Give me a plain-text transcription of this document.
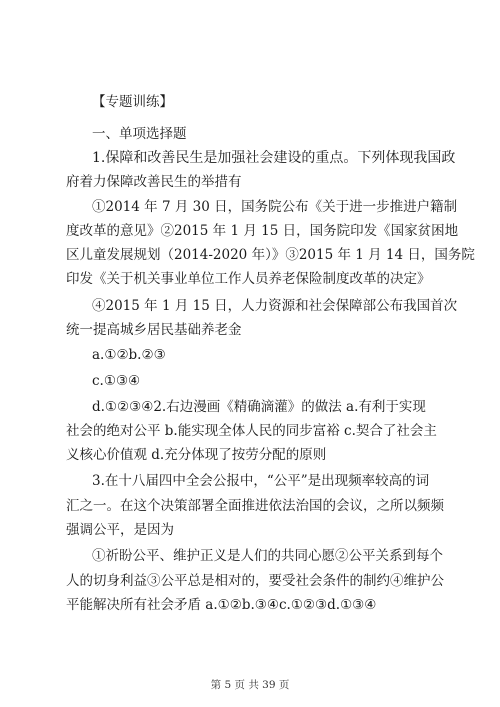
【专题训练】
一、单项选择题
1.保障和改善民生是加强社会建设的重点。下列体现我国政
府着力保障改善民生的举措有
①2014 年 7 月 30 日，国务院公布《关于进一步推进户籍制
度改革的意见》②2015 年 1 月 15 日，国务院印发《国家贫困地
区儿童发展规划（2014-2020 年）》③2015 年 1 月 14 日，国务院
印发《关于机关事业单位工作人员养老保险制度改革的决定》
④2015 年 1 月 15 日，人力资源和社会保障部公布我国首次
统一提高城乡居民基础养老金
a.①②b.②③
c.①③④
d.①②③④2.右边漫画《精确滴灌》的做法 a.有利于实现
社会的绝对公平 b.能实现全体人民的同步富裕 c.契合了社会主
义核心价值观 d.充分体现了按劳分配的原则
3.在十八届四中全会公报中，“公平”是出现频率较高的词
汇之一。在这个决策部署全面推进依法治国的会议，之所以频频
强调公平，是因为
①祈盼公平、维护正义是人们的共同心愿②公平关系到每个
人的切身利益③公平总是相对的，要受社会条件的制约④维护公
平能解决所有社会矛盾 a.①②b.③④c.①②③d.①③④
第 5 页 共 39 页
